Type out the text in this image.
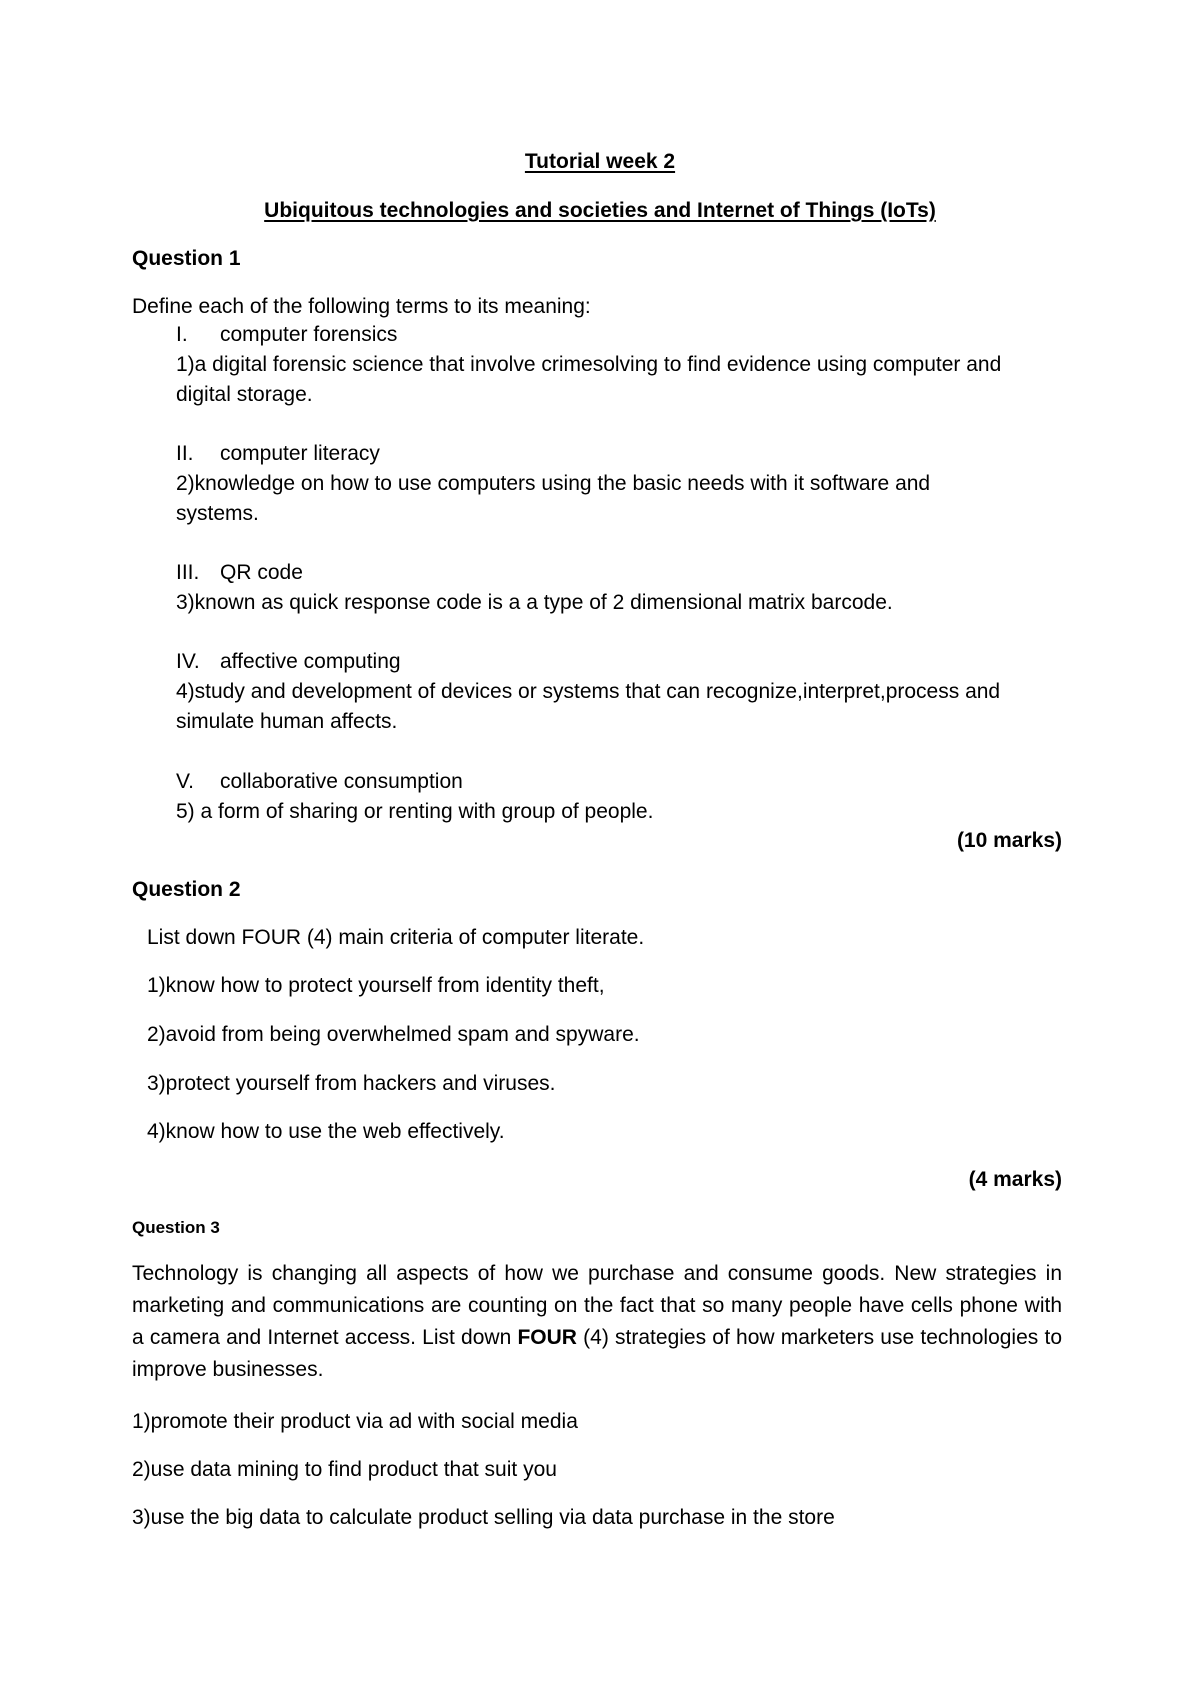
Tutorial week 2
Ubiquitous technologies and societies and Internet of Things (IoTs)
Question 1
Define each of the following terms to its meaning:
I. computer forensics
1)a digital forensic science that involve crimesolving to find evidence using computer and
digital storage.
II. computer literacy
2)knowledge on how to use computers using the basic needs with it software and
systems.
III. QR code
3)known as quick response code is a a type of 2 dimensional matrix barcode.
IV. affective computing
4)study and development of devices or systems that can recognize,interpret,process and
simulate human affects.
V. collaborative consumption
5) a form of sharing or renting with group of people.
(10 marks)
Question 2
List down FOUR (4) main criteria of computer literate.
1)know how to protect yourself from identity theft,
2)avoid from being overwhelmed spam and spyware.
3)protect yourself from hackers and viruses.
4)know how to use the web effectively.
(4 marks)
Question 3
Technology is changing all aspects of how we purchase and consume goods. New strategies in marketing and communications are counting on the fact that so many people have cells phone with a camera and Internet access. List down FOUR (4) strategies of how marketers use technologies to improve businesses.
1)promote their product via ad with social media
2)use data mining to find product that suit you
3)use the big data to calculate product selling via data purchase in the store
